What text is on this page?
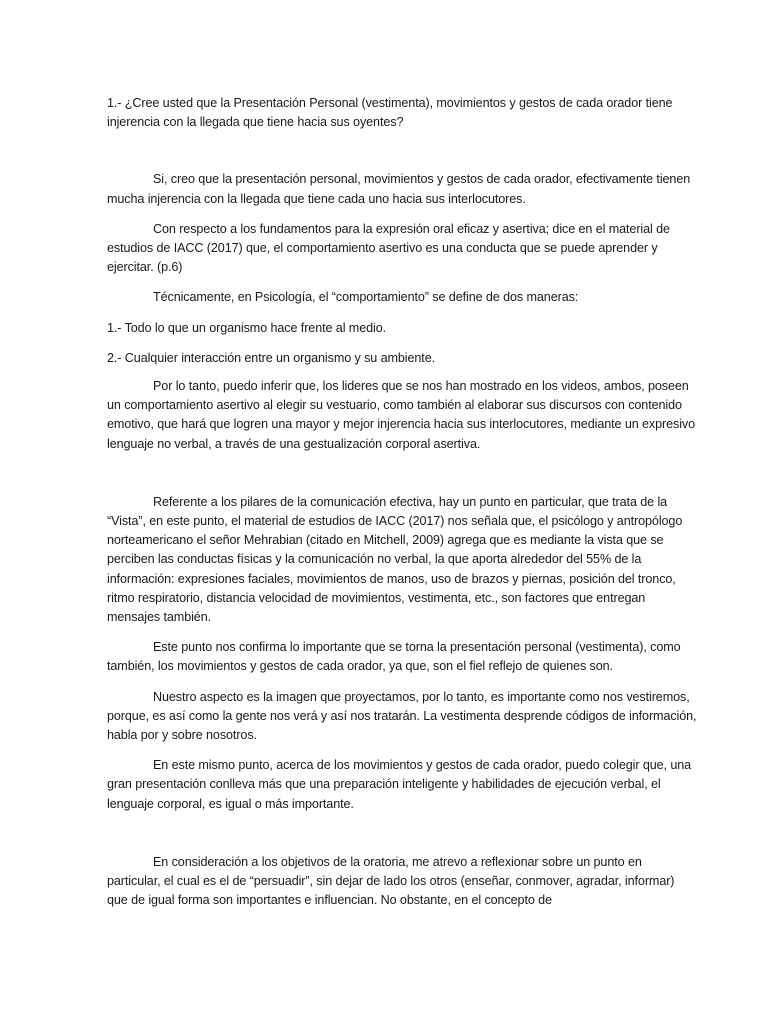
1.- ¿Cree usted que la Presentación Personal (vestimenta), movimientos y gestos de cada orador tiene injerencia con la llegada que tiene hacia sus oyentes?

Si, creo que la presentación personal, movimientos y gestos de cada orador, efectivamente tienen mucha injerencia con la llegada que tiene cada uno hacia sus interlocutores.

Con respecto a los fundamentos para la expresión oral eficaz y asertiva; dice en el material de estudios de IACC (2017) que, el comportamiento asertivo es una conducta que se puede aprender y ejercitar. (p.6)

Técnicamente, en Psicología, el “comportamiento” se define de dos maneras:

1.- Todo lo que un organismo hace frente al medio.

2.- Cualquier interacción entre un organismo y su ambiente.

Por lo tanto, puedo inferir que, los lideres que se nos han mostrado en los videos, ambos, poseen un comportamiento asertivo al elegir su vestuario, como también al elaborar sus discursos con contenido emotivo, que hará que logren una mayor y mejor injerencia hacia sus interlocutores, mediante un expresivo lenguaje no verbal, a través de una gestualización corporal asertiva.

Referente a los pilares de la comunicación efectiva, hay un punto en particular, que trata de la “Vista”, en este punto, el material de estudios de IACC (2017) nos señala que, el psicólogo y antropólogo norteamericano el señor Mehrabian (citado en Mitchell, 2009) agrega que es mediante la vista que se perciben las conductas físicas y la comunicación no verbal, la que aporta alrededor del 55% de la información: expresiones faciales, movimientos de manos, uso de brazos y piernas, posición del tronco, ritmo respiratorio, distancia velocidad de movimientos, vestimenta, etc., son factores que entregan mensajes también.

Este punto nos confirma lo importante que se torna la presentación personal (vestimenta), como también, los movimientos y gestos de cada orador, ya que, son el fiel reflejo de quienes son.

Nuestro aspecto es la imagen que proyectamos, por lo tanto, es importante como nos vestiremos, porque, es así como la gente nos verá y así nos tratarán. La vestimenta desprende códigos de información, habla por y sobre nosotros.

En este mismo punto, acerca de los movimientos y gestos de cada orador, puedo colegir que, una gran presentación conlleva más que una preparación inteligente y habilidades de ejecución verbal, el lenguaje corporal, es igual o más importante.

En consideración a los objetivos de la oratoria, me atrevo a reflexionar sobre un punto en particular, el cual es el de “persuadir”, sin dejar de lado los otros (enseñar, conmover, agradar, informar) que de igual forma son importantes e influencian. No obstante, en el concepto de
